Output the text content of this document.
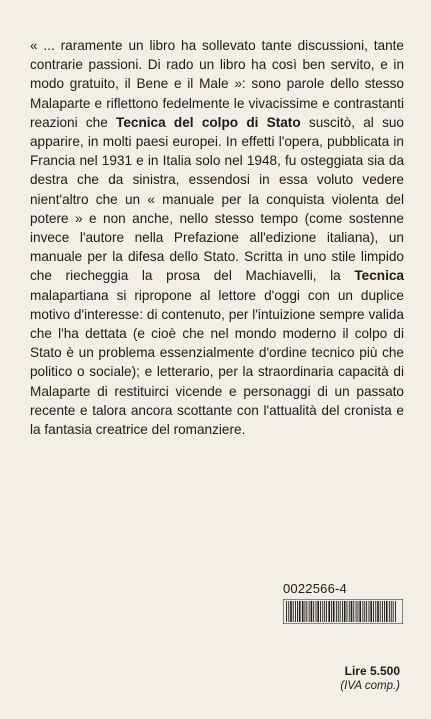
« ... raramente un libro ha sollevato tante discussioni, tante contrarie passioni. Di rado un libro ha così ben servito, e in modo gratuito, il Bene e il Male »: sono parole dello stesso Malaparte e riflettono fedelmente le vivacissime e contrastanti reazioni che Tecnica del colpo di Stato suscitò, al suo apparire, in molti paesi europei. In effetti l'opera, pubblicata in Francia nel 1931 e in Italia solo nel 1948, fu osteggiata sia da destra che da sinistra, essendosi in essa voluto vedere nient'altro che un « manuale per la conquista violenta del potere » e non anche, nello stesso tempo (come sostenne invece l'autore nella Prefazione all'edizione italiana), un manuale per la difesa dello Stato. Scritta in uno stile limpido che riecheggia la prosa del Machiavelli, la Tecnica malapartiana si ripropone al lettore d'oggi con un duplice motivo d'interesse: di contenuto, per l'intuizione sempre valida che l'ha dettata (e cioè che nel mondo moderno il colpo di Stato è un problema essenzialmente d'ordine tecnico più che politico o sociale); e letterario, per la straordinaria capacità di Malaparte di restituirci vicende e personaggi di un passato recente e talora ancora scottante con l'attualità del cronista e la fantasia creatrice del romanziere.
0022566-4
Lire 5.500
(IVA comp.)
